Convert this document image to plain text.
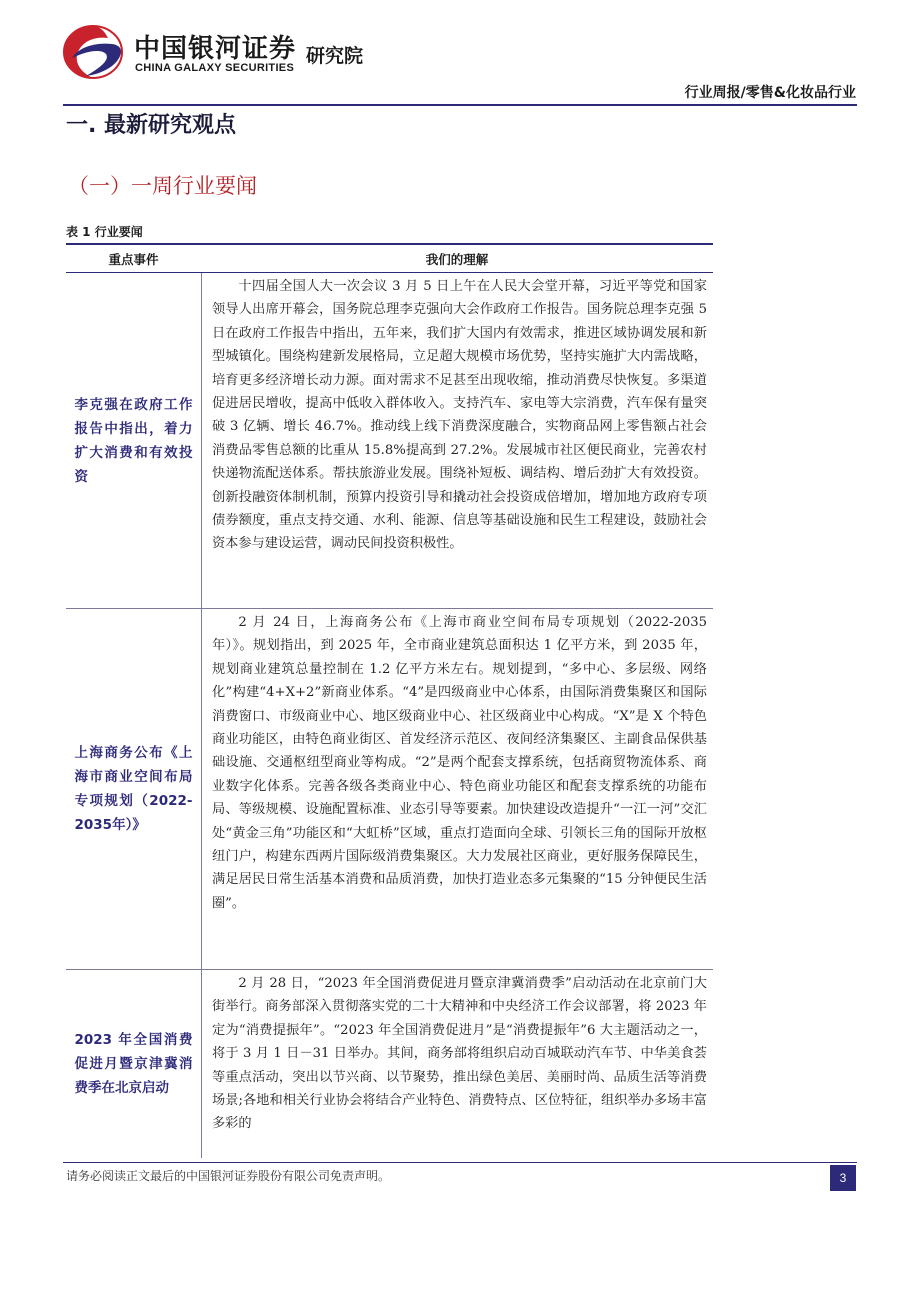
中国银河证券
CHINA GALAXY SECURITIES
研究院
行业周报/零售&化妆品行业
一. 最新研究观点
（一）一周行业要闻
表 1 行业要闻
重点事件	我们的理解
李克强在政府工作报告中指出，着力扩大消费和有效投资

十四届全国人大一次会议 3 月 5 日上午在人民大会堂开幕，习近平等党和国家领导人出席开幕会，国务院总理李克强向大会作政府工作报告。国务院总理李克强 5 日在政府工作报告中指出，五年来，我们扩大国内有效需求，推进区域协调发展和新型城镇化。围绕构建新发展格局，立足超大规模市场优势，坚持实施扩大内需战略，培育更多经济增长动力源。面对需求不足甚至出现收缩，推动消费尽快恢复。多渠道促进居民增收，提高中低收入群体收入。支持汽车、家电等大宗消费，汽车保有量突破 3 亿辆、增长 46.7%。推动线上线下消费深度融合，实物商品网上零售额占社会消费品零售总额的比重从 15.8%提高到 27.2%。发展城市社区便民商业，完善农村快递物流配送体系。帮扶旅游业发展。围绕补短板、调结构、增后劲扩大有效投资。创新投融资体制机制，预算内投资引导和撬动社会投资成倍增加，增加地方政府专项债券额度，重点支持交通、水利、能源、信息等基础设施和民生工程建设，鼓励社会资本参与建设运营，调动民间投资积极性。

上海商务公布《上海市商业空间布局专项规划（2022-2035年）》

2 月 24 日，上海商务公布《上海市商业空间布局专项规划（2022-2035 年）》。规划指出，到 2025 年，全市商业建筑总面积达 1 亿平方米，到 2035 年，规划商业建筑总量控制在 1.2 亿平方米左右。规划提到，“多中心、多层级、网络化”构建“4+X+2”新商业体系。“4”是四级商业中心体系，由国际消费集聚区和国际消费窗口、市级商业中心、地区级商业中心、社区级商业中心构成。“X”是 X 个特色商业功能区，由特色商业街区、首发经济示范区、夜间经济集聚区、主副食品保供基础设施、交通枢纽型商业等构成。“2”是两个配套支撑系统，包括商贸物流体系、商业数字化体系。完善各级各类商业中心、特色商业功能区和配套支撑系统的功能布局、等级规模、设施配置标准、业态引导等要素。加快建设改造提升“一江一河”交汇处“黄金三角”功能区和“大虹桥”区域，重点打造面向全球、引领长三角的国际开放枢纽门户，构建东西两片国际级消费集聚区。大力发展社区商业，更好服务保障民生，满足居民日常生活基本消费和品质消费，加快打造业态多元集聚的“15 分钟便民生活圈”。

2023 年全国消费促进月暨京津冀消费季在北京启动

2 月 28 日，“2023 年全国消费促进月暨京津冀消费季”启动活动在北京前门大街举行。商务部深入贯彻落实党的二十大精神和中央经济工作会议部署，将 2023 年定为“消费提振年”。“2023 年全国消费促进月”是“消费提振年”6 大主题活动之一，将于 3 月 1 日－31 日举办。其间，商务部将组织启动百城联动汽车节、中华美食荟等重点活动，突出以节兴商、以节聚势，推出绿色美居、美丽时尚、品质生活等消费场景;各地和相关行业协会将结合产业特色、消费特点、区位特征，组织举办多场丰富多彩的

请务必阅读正文最后的中国银河证券股份有限公司免责声明。	3
